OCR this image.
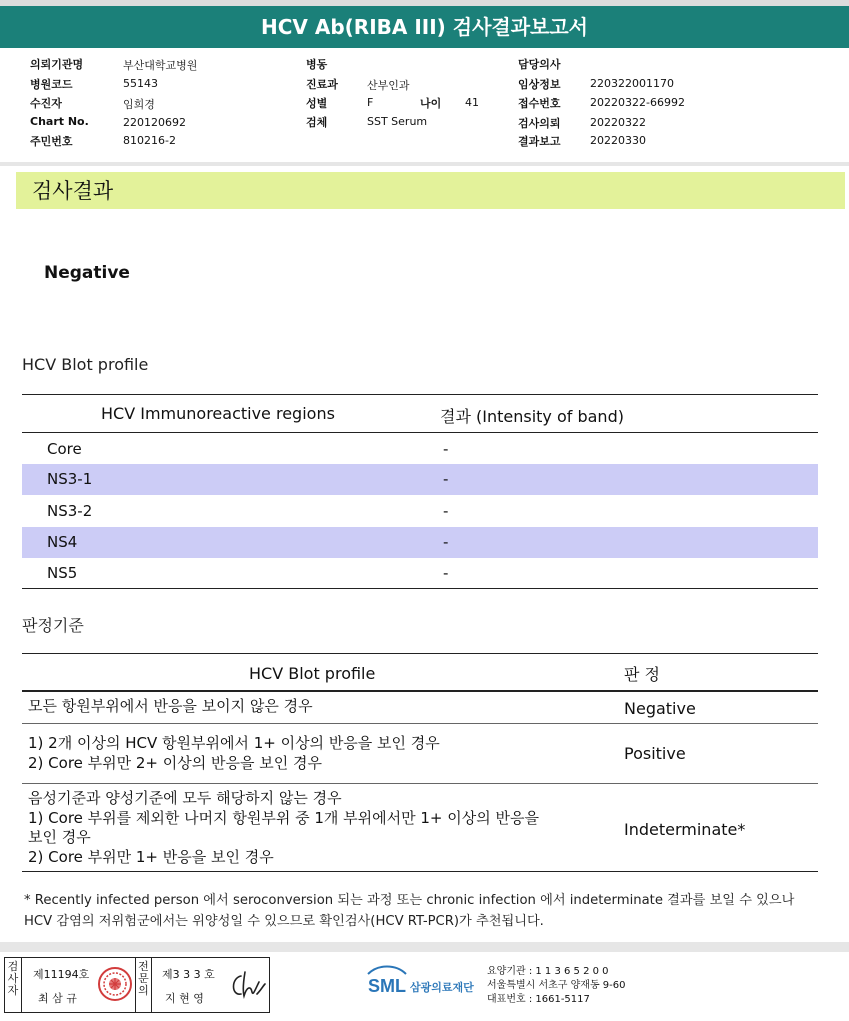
HCV Ab(RIBA III) 검사결과보고서
의뢰기관명	부산대학교병원
병원코드	55143
수진자	임희경
Chart No.	220120692
주민번호	810216-2
병동
진료과	산부인과
성별	F	나이 41
검체	SST Serum
담당의사
임상정보	220322001170
접수번호	20220322-66992
검사의뢰	20220322
결과보고	20220330
검사결과
Negative
HCV Blot profile
HCV Immunoreactive regions	결과 (Intensity of band)
Core	-
NS3-1	-
NS3-2	-
NS4	-
NS5	-
판정기준
HCV Blot profile	판 정
모든 항원부위에서 반응을 보이지 않은 경우	Negative
1) 2개 이상의 HCV 항원부위에서 1+ 이상의 반응을 보인 경우
2) Core 부위만 2+ 이상의 반응을 보인 경우	Positive
음성기준과 양성기준에 모두 해당하지 않는 경우
1) Core 부위를 제외한 나머지 항원부위 중 1개 부위에서만 1+ 이상의 반응을
보인 경우
2) Core 부위만 1+ 반응을 보인 경우
Indeterminate*
* Recently infected person 에서 seroconversion 되는 과정 또는 chronic infection 에서 indeterminate 결과를 보일 수 있으나 HCV 감염의 저위험군에서는 위양성일 수 있으므로 확인검사(HCV RT-PCR)가 추천됩니다.
검사자
제11194호
최 삼 규
전문의
제3 3 3 호
지 현 영
SML 삼광의료재단
요양기관 : 1 1 3 6 5 2 0 0
서울특별시 서초구 양재동 9-60
대표번호 : 1661-5117
